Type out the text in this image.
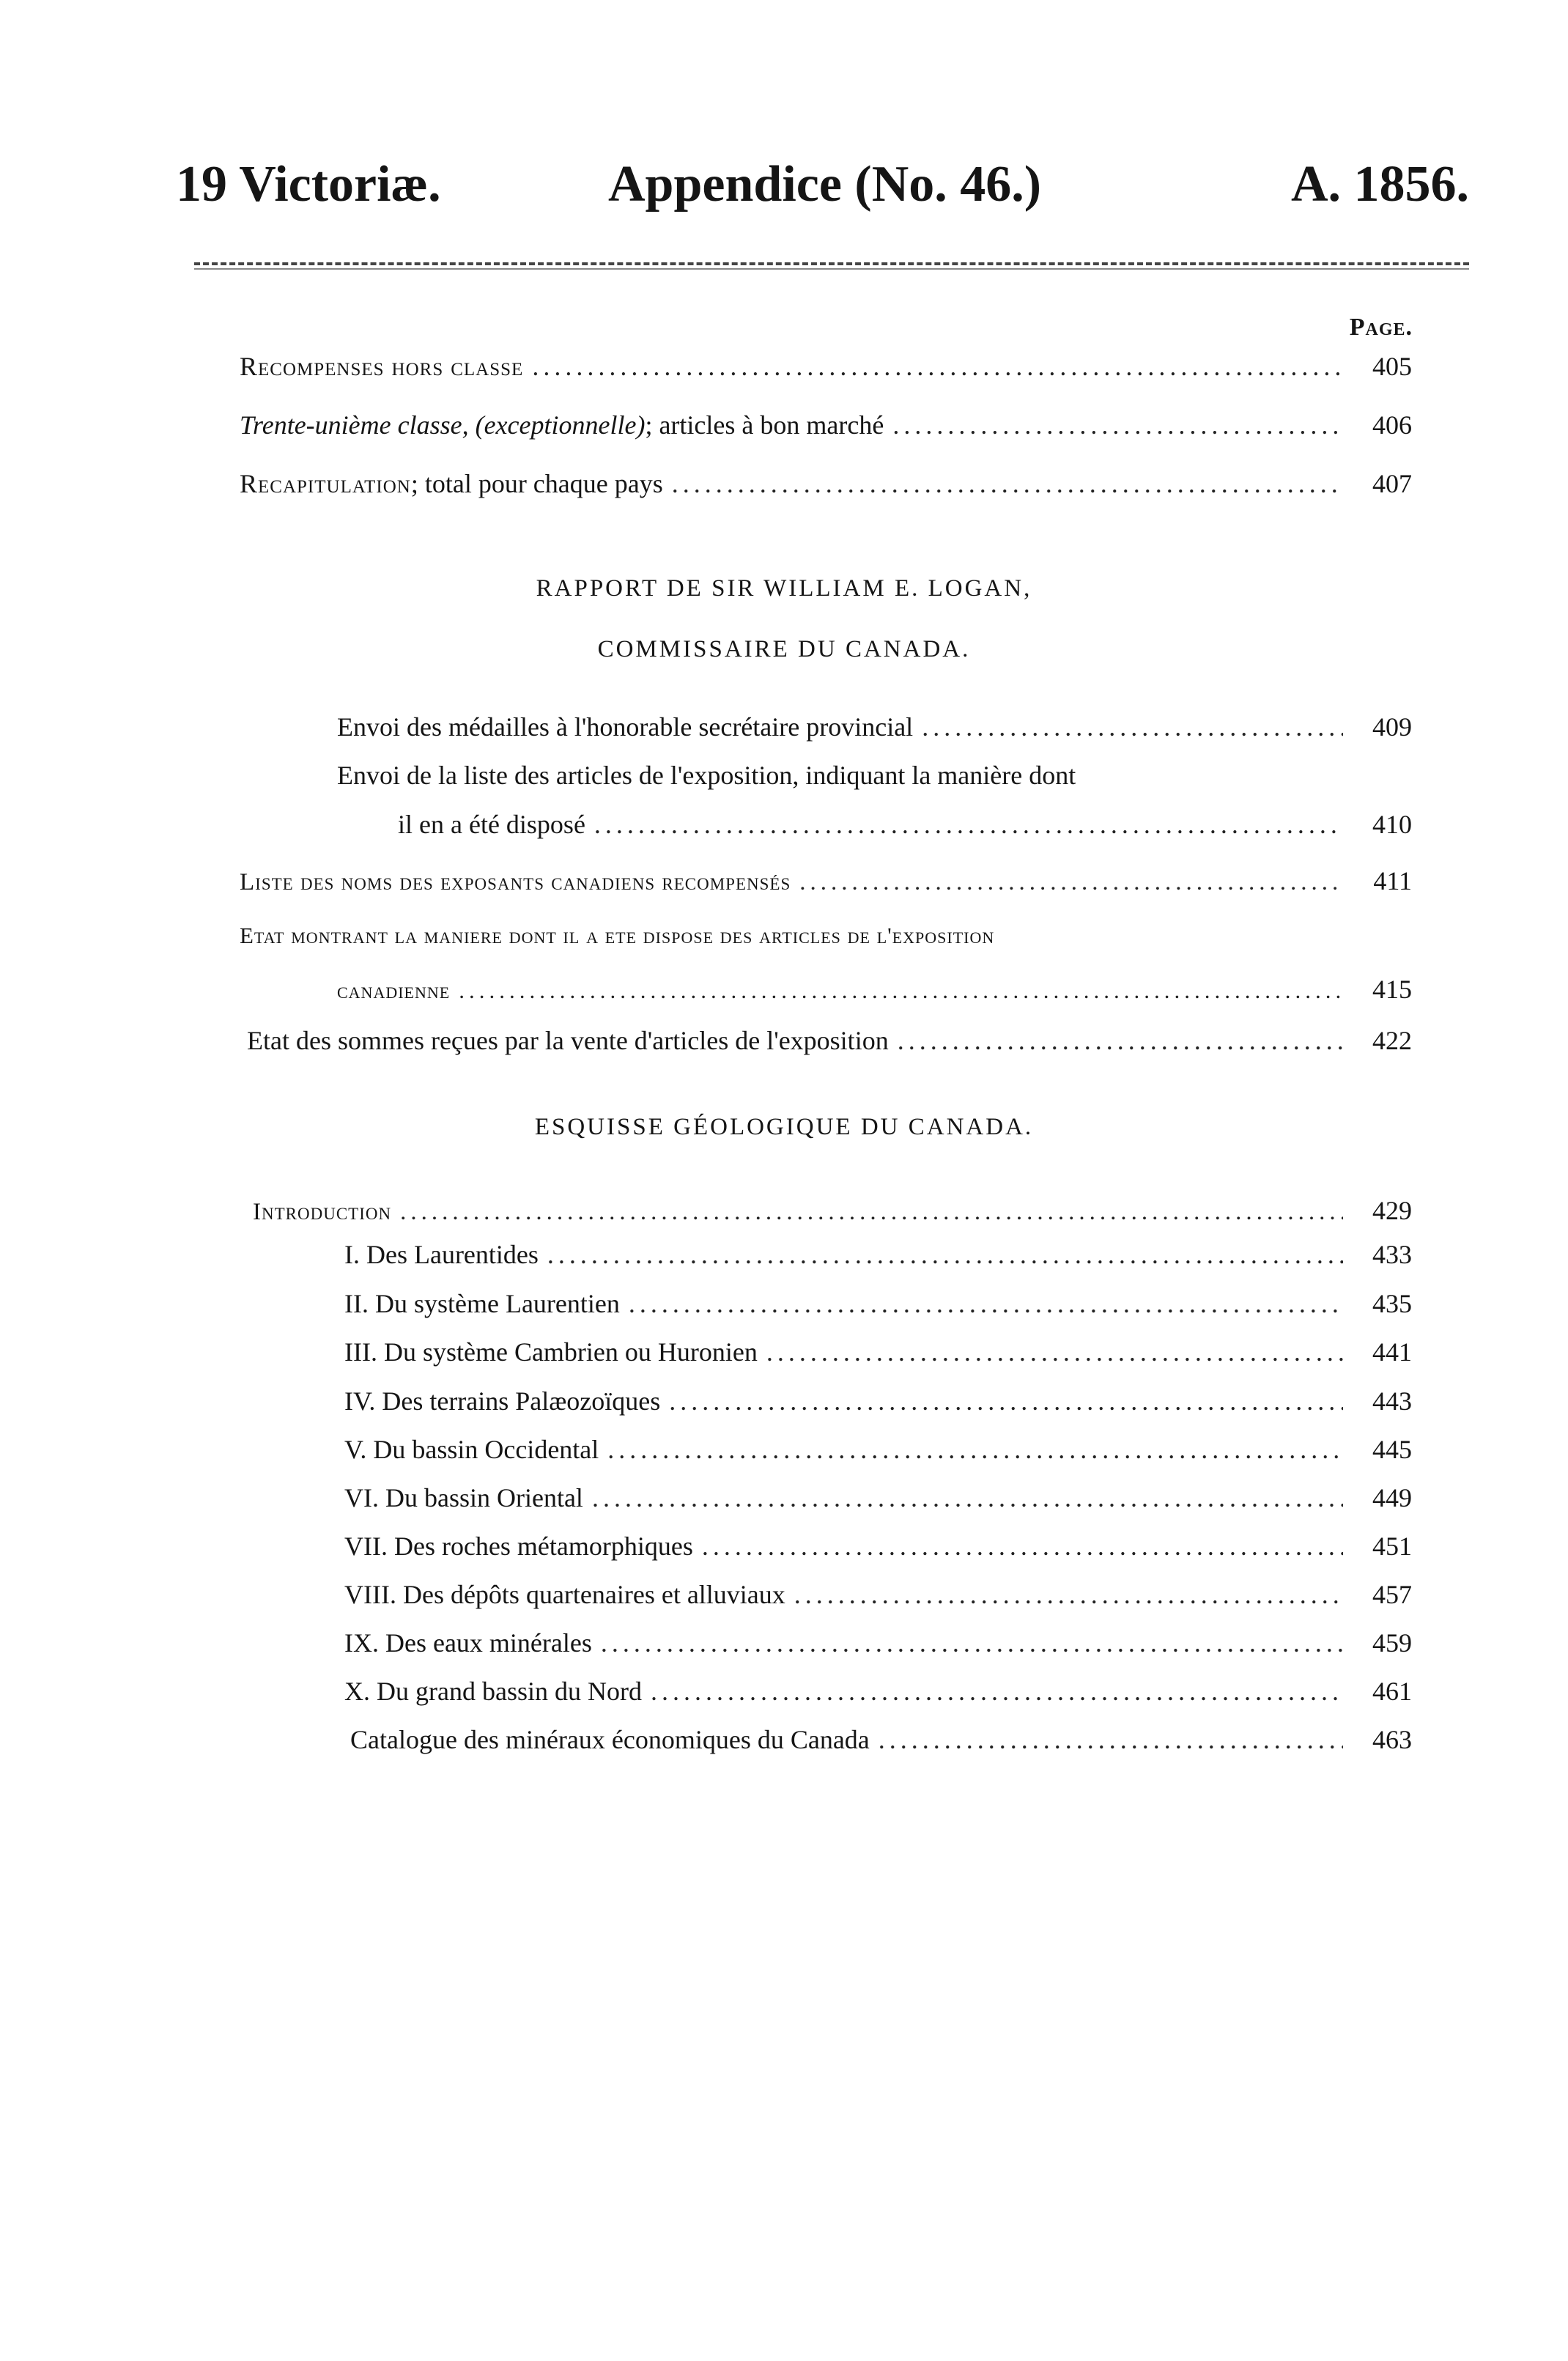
19 Victoriæ.	Appendice (No. 46.)	A. 1856.
Page.
Recompenses hors classe .....	405
Trente-unième classe, (exceptionnelle); articles à bon marché .....	406
Recapitulation; total pour chaque pays .....	407
RAPPORT DE SIR WILLIAM E. LOGAN,
COMMISSAIRE DU CANADA.
Envoi des médailles à l'honorable secrétaire provincial .....	409
Envoi de la liste des articles de l'exposition, indiquant la manière dont
il en a été disposé .....	410
Liste des noms des exposants canadiens recompensés .....	411
Etat montrant la maniere dont il a ete dispose des articles de l'exposition
canadienne .....	415
Etat des sommes reçues par la vente d'articles de l'exposition .....	422
ESQUISSE GÉOLOGIQUE DU CANADA.
Introduction .....	429
I. Des Laurentides .....	433
II. Du système Laurentien .....	435
III. Du système Cambrien ou Huronien .....	441
IV. Des terrains Palæozoïques .....	443
V. Du bassin Occidental .....	445
VI. Du bassin Oriental .....	449
VII. Des roches métamorphiques .....	451
VIII. Des dépôts quartenaires et alluviaux .....	457
IX. Des eaux minérales .....	459
X. Du grand bassin du Nord .....	461
Catalogue des minéraux économiques du Canada .....	463
